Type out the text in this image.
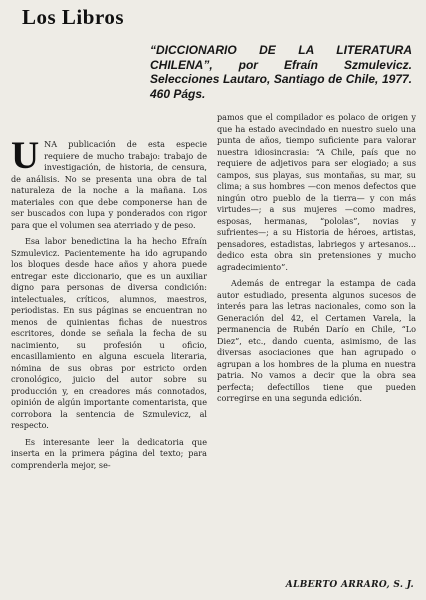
Los Libros
“DICCIONARIO DE LA LITERATURA CHILENA”, por Efraín Szmulevicz. Selecciones Lautaro, Santiago de Chile, 1977. 460 Págs.

UNA publicación de esta especie requiere de mucho trabajo: trabajo de investigación, de historia, de censura, de análisis. No se presenta una obra de tal naturaleza de la noche a la mañana. Los materiales con que debe componerse han de ser buscados con lupa y ponderados con rigor para que el volumen sea aterriado y de peso.

Esa labor benedictina la ha hecho Efraín Szmulevicz. Pacientemente ha ido agrupando los bloques desde hace años y ahora puede entregar este diccionario, que es un auxiliar digno para personas de diversa condición: intelectuales, críticos, alumnos, maestros, periodistas. En sus páginas se encuentran no menos de quinientas fichas de nuestros escritores, donde se señala la fecha de su nacimiento, su profesión u oficio, encasillamiento en alguna escuela literaria, nómina de sus obras por estricto orden cronológico, juicio del autor sobre su producción y, en creadores más connotados, opinión de algún importante comentarista, que corrobora la sentencia de Szmulevicz, al respecto.

Es interesante leer la dedicatoria que inserta en la primera página del texto; para comprenderla mejor, se-

pamos que el compilador es polaco de origen y que ha estado avecindado en nuestro suelo una punta de años, tiempo suficiente para valorar nuestra idiosincrasia: “A Chile, país que no requiere de adjetivos para ser elogiado; a sus campos, sus playas, sus montañas, su mar, su clima; a sus hombres —con menos defectos que ningún otro pueblo de la tierra— y con más virtudes—; a sus mujeres —como madres, esposas, hermanas, “pololas”, novias y sufrientes—; a su Historia de héroes, artistas, pensadores, estadistas, labriegos y artesanos... dedico esta obra sin pretensiones y mucho agradecimiento”.

Además de entregar la estampa de cada autor estudiado, presenta algunos sucesos de interés para las letras nacionales, como son la Generación del 42, el Certamen Varela, la permanencia de Rubén Darío en Chile, “Lo Diez”, etc., dando cuenta, asimismo, de las diversas asociaciones que han agrupado o agrupan a los hombres de la pluma en nuestra patria. No vamos a decir que la obra sea perfecta; defectillos tiene que pueden corregirse en una segunda edición.

ALBERTO ARRARO, S. J.
